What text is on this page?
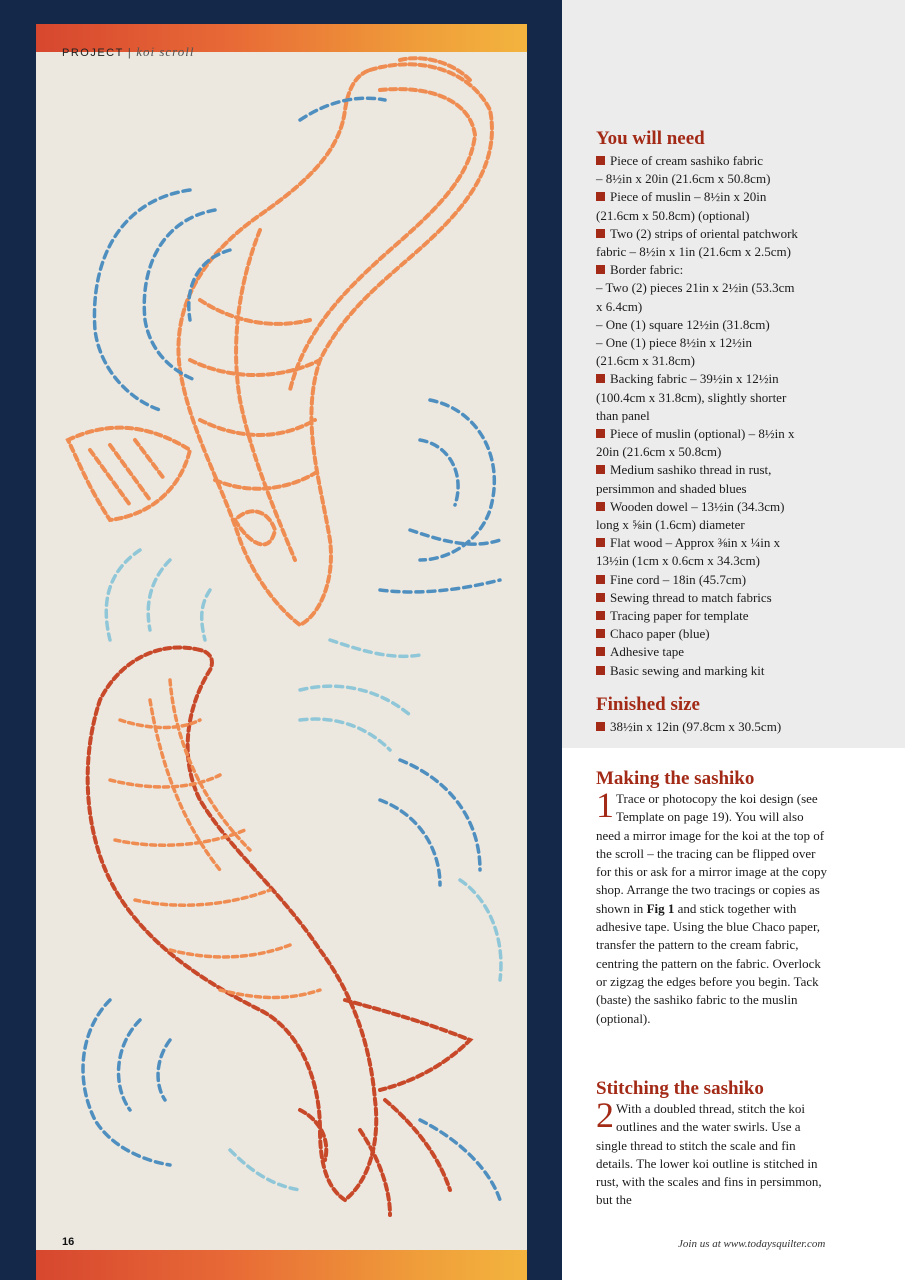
PROJECT | koi scroll
16
You will need
Piece of cream sashiko fabric
– 8½in x 20in (21.6cm x 50.8cm)
Piece of muslin – 8½in x 20in
(21.6cm x 50.8cm) (optional)
Two (2) strips of oriental patchwork
fabric – 8½in x 1in (21.6cm x 2.5cm)
Border fabric:
– Two (2) pieces 21in x 2½in (53.3cm
x 6.4cm)
– One (1) square 12½in (31.8cm)
– One (1) piece 8½in x 12½in
(21.6cm x 31.8cm)
Backing fabric – 39½in x 12½in
(100.4cm x 31.8cm), slightly shorter
than panel
Piece of muslin (optional) – 8½in x
20in (21.6cm x 50.8cm)
Medium sashiko thread in rust,
persimmon and shaded blues
Wooden dowel – 13½in (34.3cm)
long x ⅝in (1.6cm) diameter
Flat wood – Approx ⅜in x ¼in x
13½in (1cm x 0.6cm x 34.3cm)
Fine cord – 18in (45.7cm)
Sewing thread to match fabrics
Tracing paper for template
Chaco paper (blue)
Adhesive tape
Basic sewing and marking kit
Finished size
38½in x 12in (97.8cm x 30.5cm)
Making the sashiko
1 Trace or photocopy the koi design (see Template on page 19). You will also need a mirror image for the koi at the top of the scroll – the tracing can be flipped over for this or ask for a mirror image at the copy shop. Arrange the two tracings or copies as shown in Fig 1 and stick together with adhesive tape. Using the blue Chaco paper, transfer the pattern to the cream fabric, centring the pattern on the fabric. Overlock or zigzag the edges before you begin. Tack (baste) the sashiko fabric to the muslin (optional).
Stitching the sashiko
2 With a doubled thread, stitch the koi outlines and the water swirls. Use a single thread to stitch the scale and fin details. The lower koi outline is stitched in rust, with the scales and fins in persimmon, but the
Join us at www.todaysquilter.com
